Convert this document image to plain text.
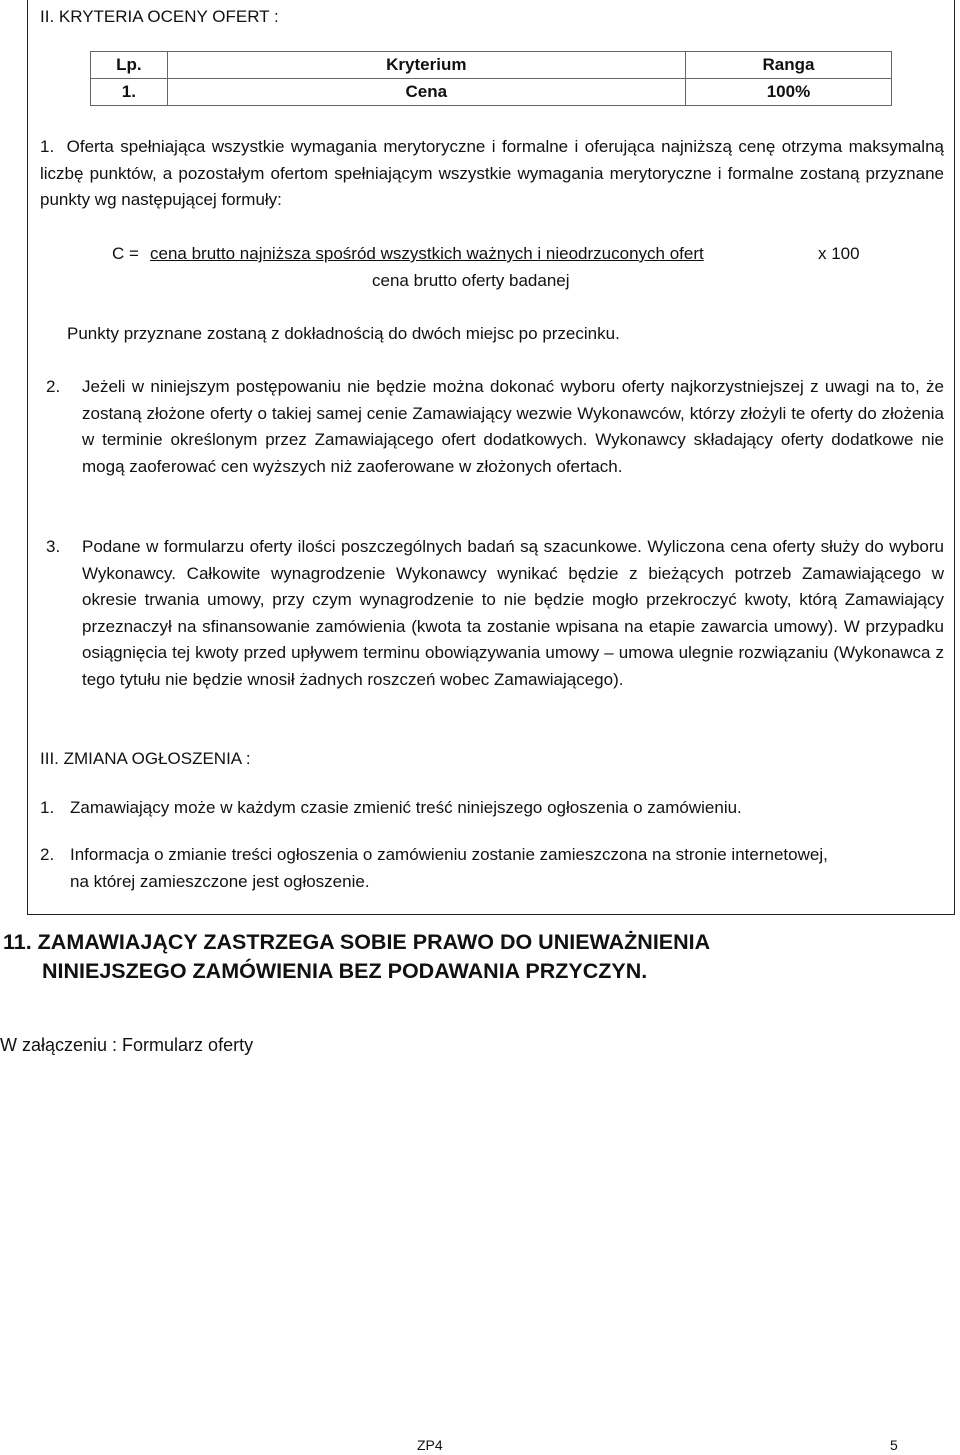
II. KRYTERIA OCENY OFERT :
Lp.	Kryterium	Ranga
1.	Cena	100%
1. Oferta spełniająca wszystkie wymagania merytoryczne i formalne i oferująca najniższą cenę otrzyma maksymalną liczbę punktów, a pozostałym ofertom spełniającym wszystkie wymagania merytoryczne i formalne zostaną przyznane punkty wg następującej formuły:
C = cena brutto najniższa spośród wszystkich ważnych i nieodrzuconych ofert	x 100
cena brutto oferty badanej
Punkty przyznane zostaną z dokładnością do dwóch miejsc po przecinku.
2. Jeżeli w niniejszym postępowaniu nie będzie można dokonać wyboru oferty najkorzystniejszej z uwagi na to, że zostaną złożone oferty o takiej samej cenie Zamawiający wezwie Wykonawców, którzy złożyli te oferty do złożenia w terminie określonym przez Zamawiającego ofert dodatkowych. Wykonawcy składający oferty dodatkowe nie mogą zaoferować cen wyższych niż zaoferowane w złożonych ofertach.
3. Podane w formularzu oferty ilości poszczególnych badań są szacunkowe. Wyliczona cena oferty służy do wyboru Wykonawcy. Całkowite wynagrodzenie Wykonawcy wynikać będzie z bieżących potrzeb Zamawiającego w okresie trwania umowy, przy czym wynagrodzenie to nie będzie mogło przekroczyć kwoty, którą Zamawiający przeznaczył na sfinansowanie zamówienia (kwota ta zostanie wpisana na etapie zawarcia umowy). W przypadku osiągnięcia tej kwoty przed upływem terminu obowiązywania umowy – umowa ulegnie rozwiązaniu (Wykonawca z tego tytułu nie będzie wnosił żadnych roszczeń wobec Zamawiającego).
III. ZMIANA OGŁOSZENIA :
1. Zamawiający może w każdym czasie zmienić treść niniejszego ogłoszenia o zamówieniu.
2. Informacja o zmianie treści ogłoszenia o zamówieniu zostanie zamieszczona na stronie internetowej, na której zamieszczone jest ogłoszenie.
11. ZAMAWIAJĄCY ZASTRZEGA SOBIE PRAWO DO UNIEWAŻNIENIA
NINIEJSZEGO ZAMÓWIENIA BEZ PODAWANIA PRZYCZYN.
W załączeniu : Formularz oferty
ZP4	5
